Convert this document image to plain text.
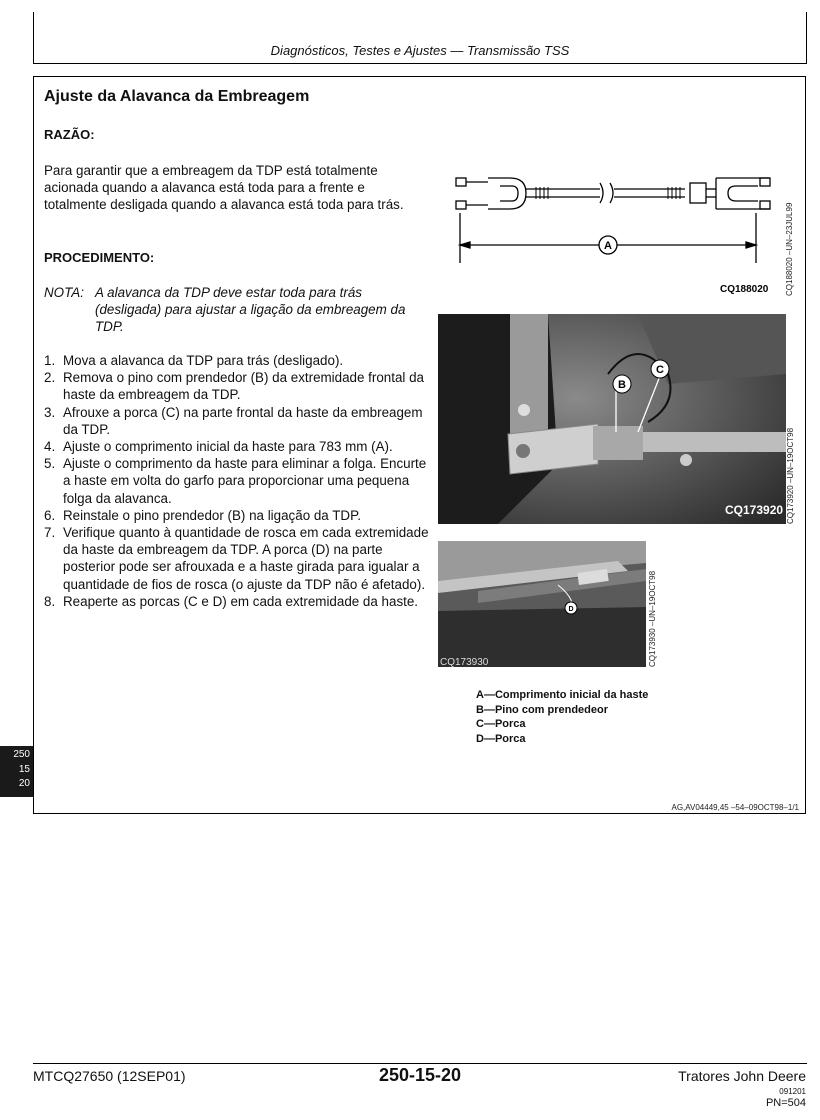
Diagnósticos, Testes e Ajustes — Transmissão TSS
Ajuste da Alavanca da Embreagem
RAZÃO:
Para garantir que a embreagem da TDP está totalmente acionada quando a alavanca está toda para a frente e totalmente desligada quando a alavanca está toda para trás.
PROCEDIMENTO:
NOTA: A alavanca da TDP deve estar toda para trás (desligada) para ajustar a ligação da embreagem da TDP.
1. Mova a alavanca da TDP para trás (desligado).
2. Remova o pino com prendedor (B) da extremidade frontal da haste da embreagem da TDP.
3. Afrouxe a porca (C) na parte frontal da haste da embreagem da TDP.
4. Ajuste o comprimento inicial da haste para 783 mm (A).
5. Ajuste o comprimento da haste para eliminar a folga. Encurte a haste em volta do garfo para proporcionar uma pequena folga da alavanca.
6. Reinstale o pino prendedor (B) na ligação da TDP.
7. Verifique quanto à quantidade de rosca em cada extremidade da haste da embreagem da TDP. A porca (D) na parte posterior pode ser afrouxada e a haste girada para igualar a quantidade de fios de rosca (o ajuste da TDP não é afetado).
8. Reaperte as porcas (C e D) em cada extremidade da haste.
A
CQ188020 CQ188020 –UN–23JUL99
B
C
CQ173920 CQ173920 –UN–19OCT98
D
CQ173930	CQ173930 –UN–19OCT98
A—Comprimento inicial da haste
B—Pino com prendedeor
C—Porca
D—Porca
AG,AV04449,45 –54–09OCT98–1/1
250
15
20
MTCQ27650 (12SEP01)	250-15-20	Tratores John Deere
091201
PN=504
